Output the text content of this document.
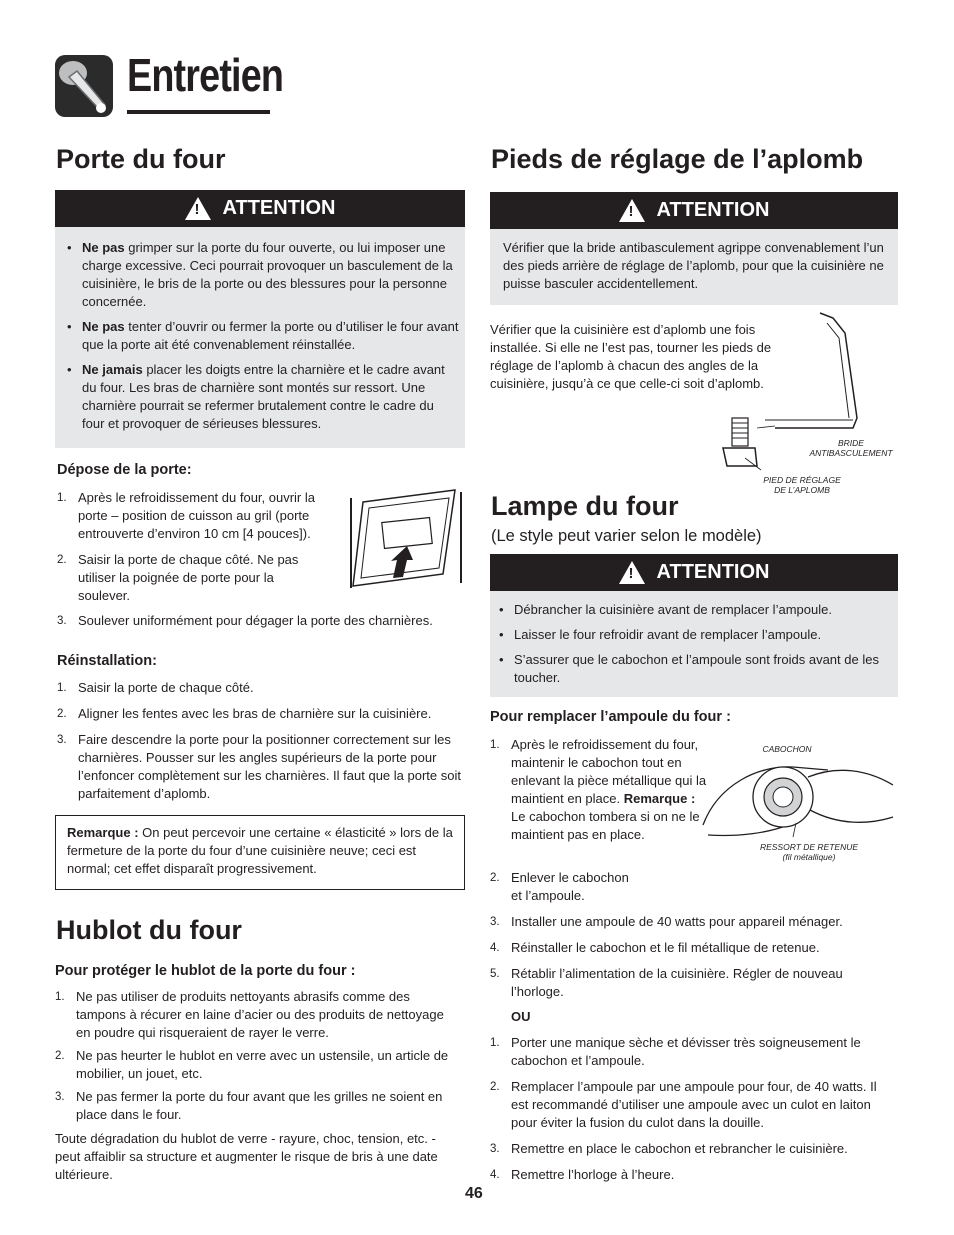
Entretien
Porte du four
! ATTENTION
• Ne pas grimper sur la porte du four ouverte, ou lui imposer une charge excessive. Ceci pourrait provoquer un basculement de la cuisinière, le bris de la porte ou des blessures pour la personne concernée.

• Ne pas tenter d’ouvrir ou fermer la porte ou d’utiliser le four avant que la porte ait été convenablement réinstallée.

• Ne jamais placer les doigts entre la charnière et le cadre avant du four. Les bras de charnière sont montés sur ressort. Une charnière pourrait se refermer brutalement contre le cadre du four et provoquer de sérieuses blessures.

Dépose de la porte:
1. Après le refroidissement du four, ouvrir la porte – position de cuisson au gril (porte entrouverte d’environ 10 cm [4 pouces]).

2. Saisir la porte de chaque côté. Ne pas utiliser la poignée de porte pour la soulever.

3. Soulever uniformément pour dégager la porte des charnières.

Réinstallation:
1. Saisir la porte de chaque côté.

2. Aligner les fentes avec les bras de charnière sur la cuisinière.

3. Faire descendre la porte pour la positionner correctement sur les charnières. Pousser sur les angles supérieurs de la porte pour l’enfoncer complètement sur les charnières. Il faut que la porte soit parfaitement d’aplomb.

Remarque : On peut percevoir une certaine « élasticité » lors de la fermeture de la porte du four d’une cuisinière neuve; ceci est normal; cet effet disparaît progressivement.

Hublot du four
Pour protéger le hublot de la porte du four :
1. Ne pas utiliser de produits nettoyants abrasifs comme des tampons à récurer en laine d’acier ou des produits de nettoyage en poudre qui risqueraient de rayer le verre.

2. Ne pas heurter le hublot en verre avec un ustensile, un article de mobilier, un jouet, etc.

3. Ne pas fermer la porte du four avant que les grilles ne soient en place dans le four.

Toute dégradation du hublot de verre - rayure, choc, tension, etc. - peut affaiblir sa structure et augmenter le risque de bris à une date ultérieure.

Pieds de réglage de l’aplomb
! ATTENTION

Vérifier que la bride antibasculement agrippe convenablement l’un des pieds arrière de réglage de l’aplomb, pour que la cuisinière ne puisse basculer accidentellement.

Vérifier que la cuisinière est d’aplomb une fois installée. Si elle ne l’est pas, tourner les pieds de réglage de l’aplomb à chacun des angles de la cuisinière, jusqu’à ce que celle-ci soit d’aplomb.

BRIDE
ANTIBASCULEMENT
PIED DE RÉGLAGE
DE L’APLOMB
Lampe du four
(Le style peut varier selon le modèle)
! ATTENTION
• Débrancher la cuisinière avant de remplacer l’ampoule.

• Laisser le four refroidir avant de remplacer l’ampoule.

• S’assurer que le cabochon et l’ampoule sont froids avant de les toucher.

Pour remplacer l’ampoule du four :
1. Après le refroidissement du four, maintenir le cabochon tout en enlevant la pièce métallique qui la maintient en place. Remarque : Le cabochon tombera si on ne le maintient pas en place.

CABOCHON
RESSORT DE RETENUE
(fil métallique)
2. Enlever le cabochon et l’ampoule.

3. Installer une ampoule de 40 watts pour appareil ménager.

4. Réinstaller le cabochon et le fil métallique de retenue.

5. Rétablir l’alimentation de la cuisinière. Régler de nouveau l’horloge.

OU
1. Porter une manique sèche et dévisser très soigneusement le cabochon et l’ampoule.

2. Remplacer l’ampoule par une ampoule pour four, de 40 watts. Il est recommandé d’utiliser une ampoule avec un culot en laiton pour éviter la fusion du culot dans la douille.

3. Remettre en place le cabochon et rebrancher le cuisinière.

4. Remettre l’horloge à l’heure.

46
